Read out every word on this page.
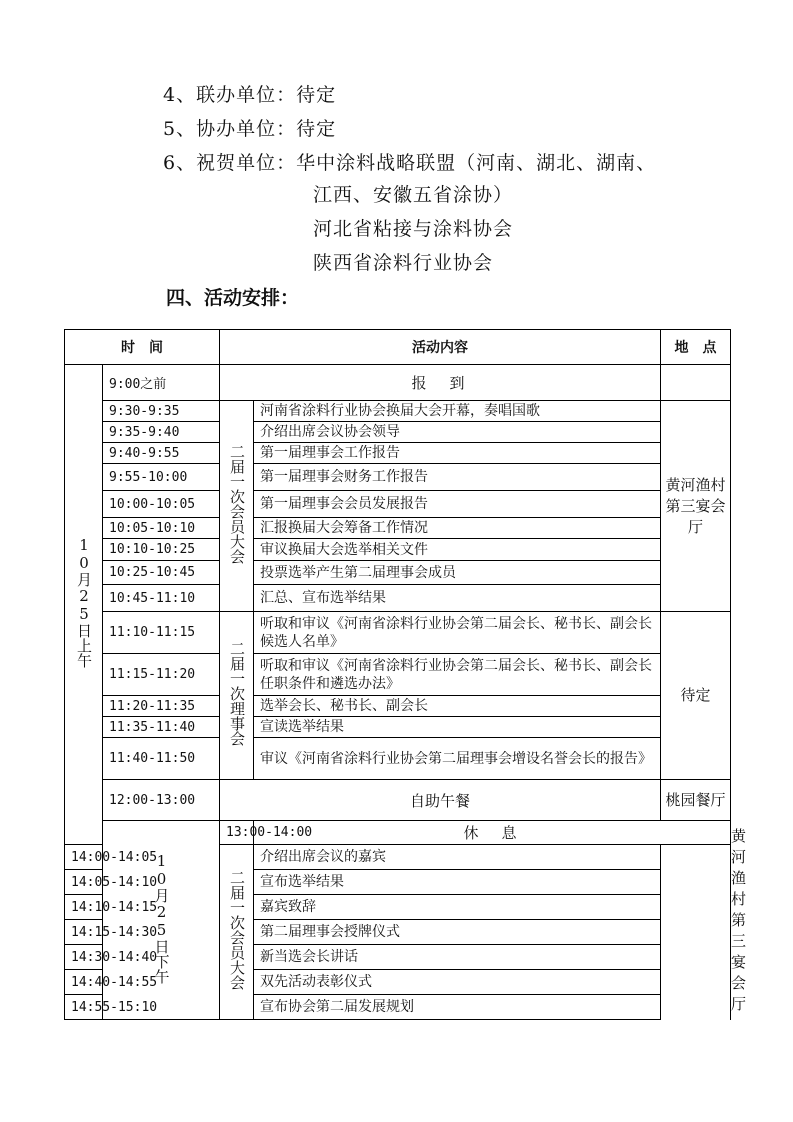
4、联办单位：待定
5、协办单位：待定
6、祝贺单位：华中涂料战略联盟（河南、湖北、湖南、
江西、安徽五省涂协）
河北省粘接与涂料协会
陕西省涂料行业协会
四、活动安排：
时　间		活动内容		地　点	
10月25日上午	9:00之前	报　到			
	9:30-9:35	二届一次会员大会	河南省涂料行业协会换届大会开幕，奏唱国歌	黄河渔村第三宴会厅	
	9:35-9:40		介绍出席会议协会领导		
	9:40-9:55		第一届理事会工作报告		
	9:55-10:00		第一届理事会财务工作报告		
	10:00-10:05		第一届理事会会员发展报告		
	10:05-10:10		汇报换届大会筹备工作情况		
	10:10-10:25		审议换届大会选举相关文件		
	10:25-10:45		投票选举产生第二届理事会成员		
	10:45-11:10		汇总、宣布选举结果		
	11:10-11:15	二届一次理事会	听取和审议《河南省涂料行业协会第二届会长、秘书长、副会长候选人名单》	待定	
	11:15-11:20		听取和审议《河南省涂料行业协会第二届会长、秘书长、副会长任职条件和遴选办法》		
	11:20-11:35		选举会长、秘书长、副会长		
	11:35-11:40		宣读选举结果		
	11:40-11:50		审议《河南省涂料行业协会第二届理事会增设名誉会长的报告》		
	12:00-13:00	自助午餐		桃园餐厅	
	10月25日下午	13:00-14:00	休　息		黄河渔村第三宴会厅
14:00-14:05		二届一次会员大会	介绍出席会议的嘉宾		
14:05-14:10			宣布选举结果		
14:10-14:15			嘉宾致辞		
14:15-14:30			第二届理事会授牌仪式		
14:30-14:40			新当选会长讲话		
14:40-14:55			双先活动表彰仪式		
14:55-15:10			宣布协会第二届发展规划		
